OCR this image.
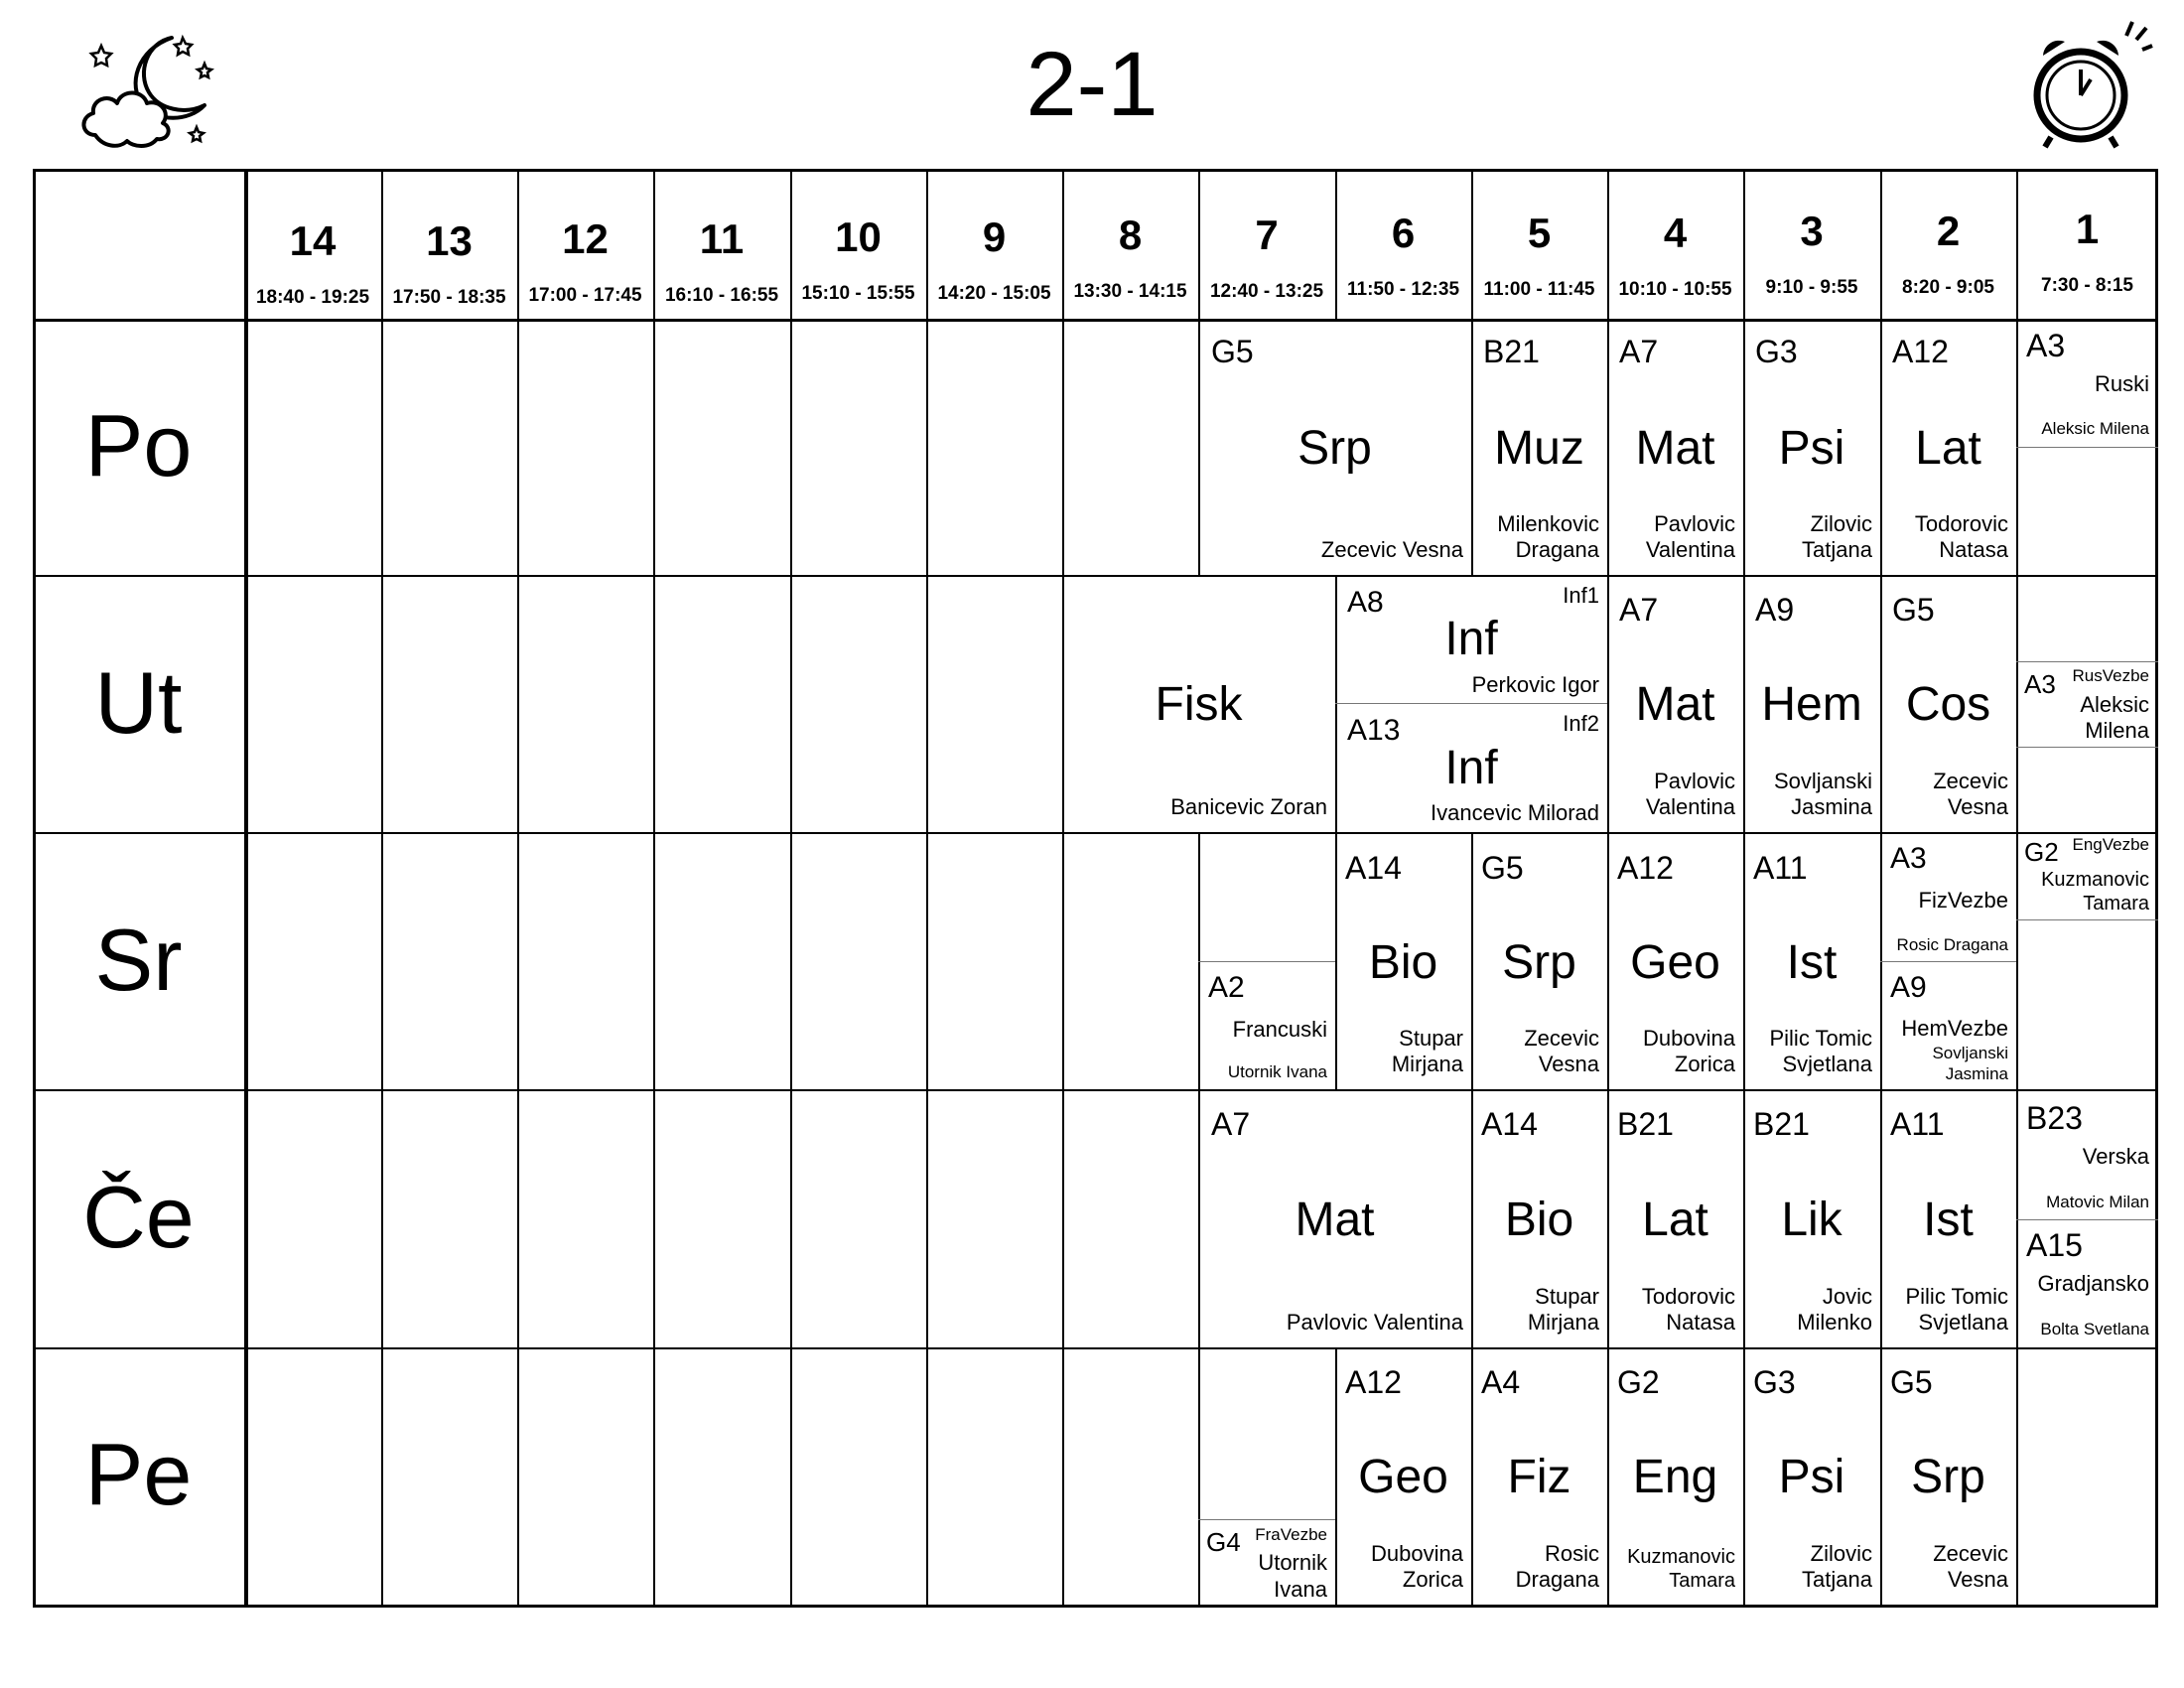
2-1
14
18:40 - 19:25
13
17:50 - 18:35
12
17:00 - 17:45
11
16:10 - 16:55
10
15:10 - 15:55
9
14:20 - 15:05
8
13:30 - 14:15
7
12:40 - 13:25
6
11:50 - 12:35
5
11:00 - 11:45
4
10:10 - 10:55
3
9:10 - 9:55
2
8:20 - 9:05
1
7:30 - 8:15
Po
Ut
Sr
Če
Pe
G5
Srp
Zecevic Vesna
B21
Muz
Milenkovic
Dragana
A7
Mat
Pavlovic
Valentina
G3
Psi
Zilovic
Tatjana
A12
Lat
Todorovic
Natasa
A3
Ruski
Aleksic Milena
Fisk
Banicevic Zoran
A8	Inf1
Inf
Perkovic Igor
A13	Inf2
Inf
Ivancevic Milorad
A7
Mat
Pavlovic
Valentina
A9
Hem
Sovljanski
Jasmina
G5
Cos
Zecevic
Vesna
A3 RusVezbe
Aleksic
Milena
A2
Francuski
Utornik Ivana
A14
Bio
Stupar
Mirjana
G5
Srp
Zecevic
Vesna
A12
Geo
Dubovina
Zorica
A11
Ist
Pilic Tomic
Svjetlana
A3
FizVezbe
Rosic Dragana
A9
HemVezbe
Sovljanski
Jasmina
G2 EngVezbe
Kuzmanovic
Tamara
A7
Mat
Pavlovic Valentina
A14
Bio
Stupar
Mirjana
B21
Lat
Todorovic
Natasa
B21
Lik
Jovic
Milenko
A11
Ist
Pilic Tomic
Svjetlana
B23
Verska
Matovic Milan
A15
Gradjansko
Bolta Svetlana
G4 FraVezbe
Utornik
Ivana
A12
Geo
Dubovina
Zorica
A4
Fiz
Rosic
Dragana
G2
Eng
Kuzmanovic
Tamara
G3
Psi
Zilovic
Tatjana
G5
Srp
Zecevic
Vesna
